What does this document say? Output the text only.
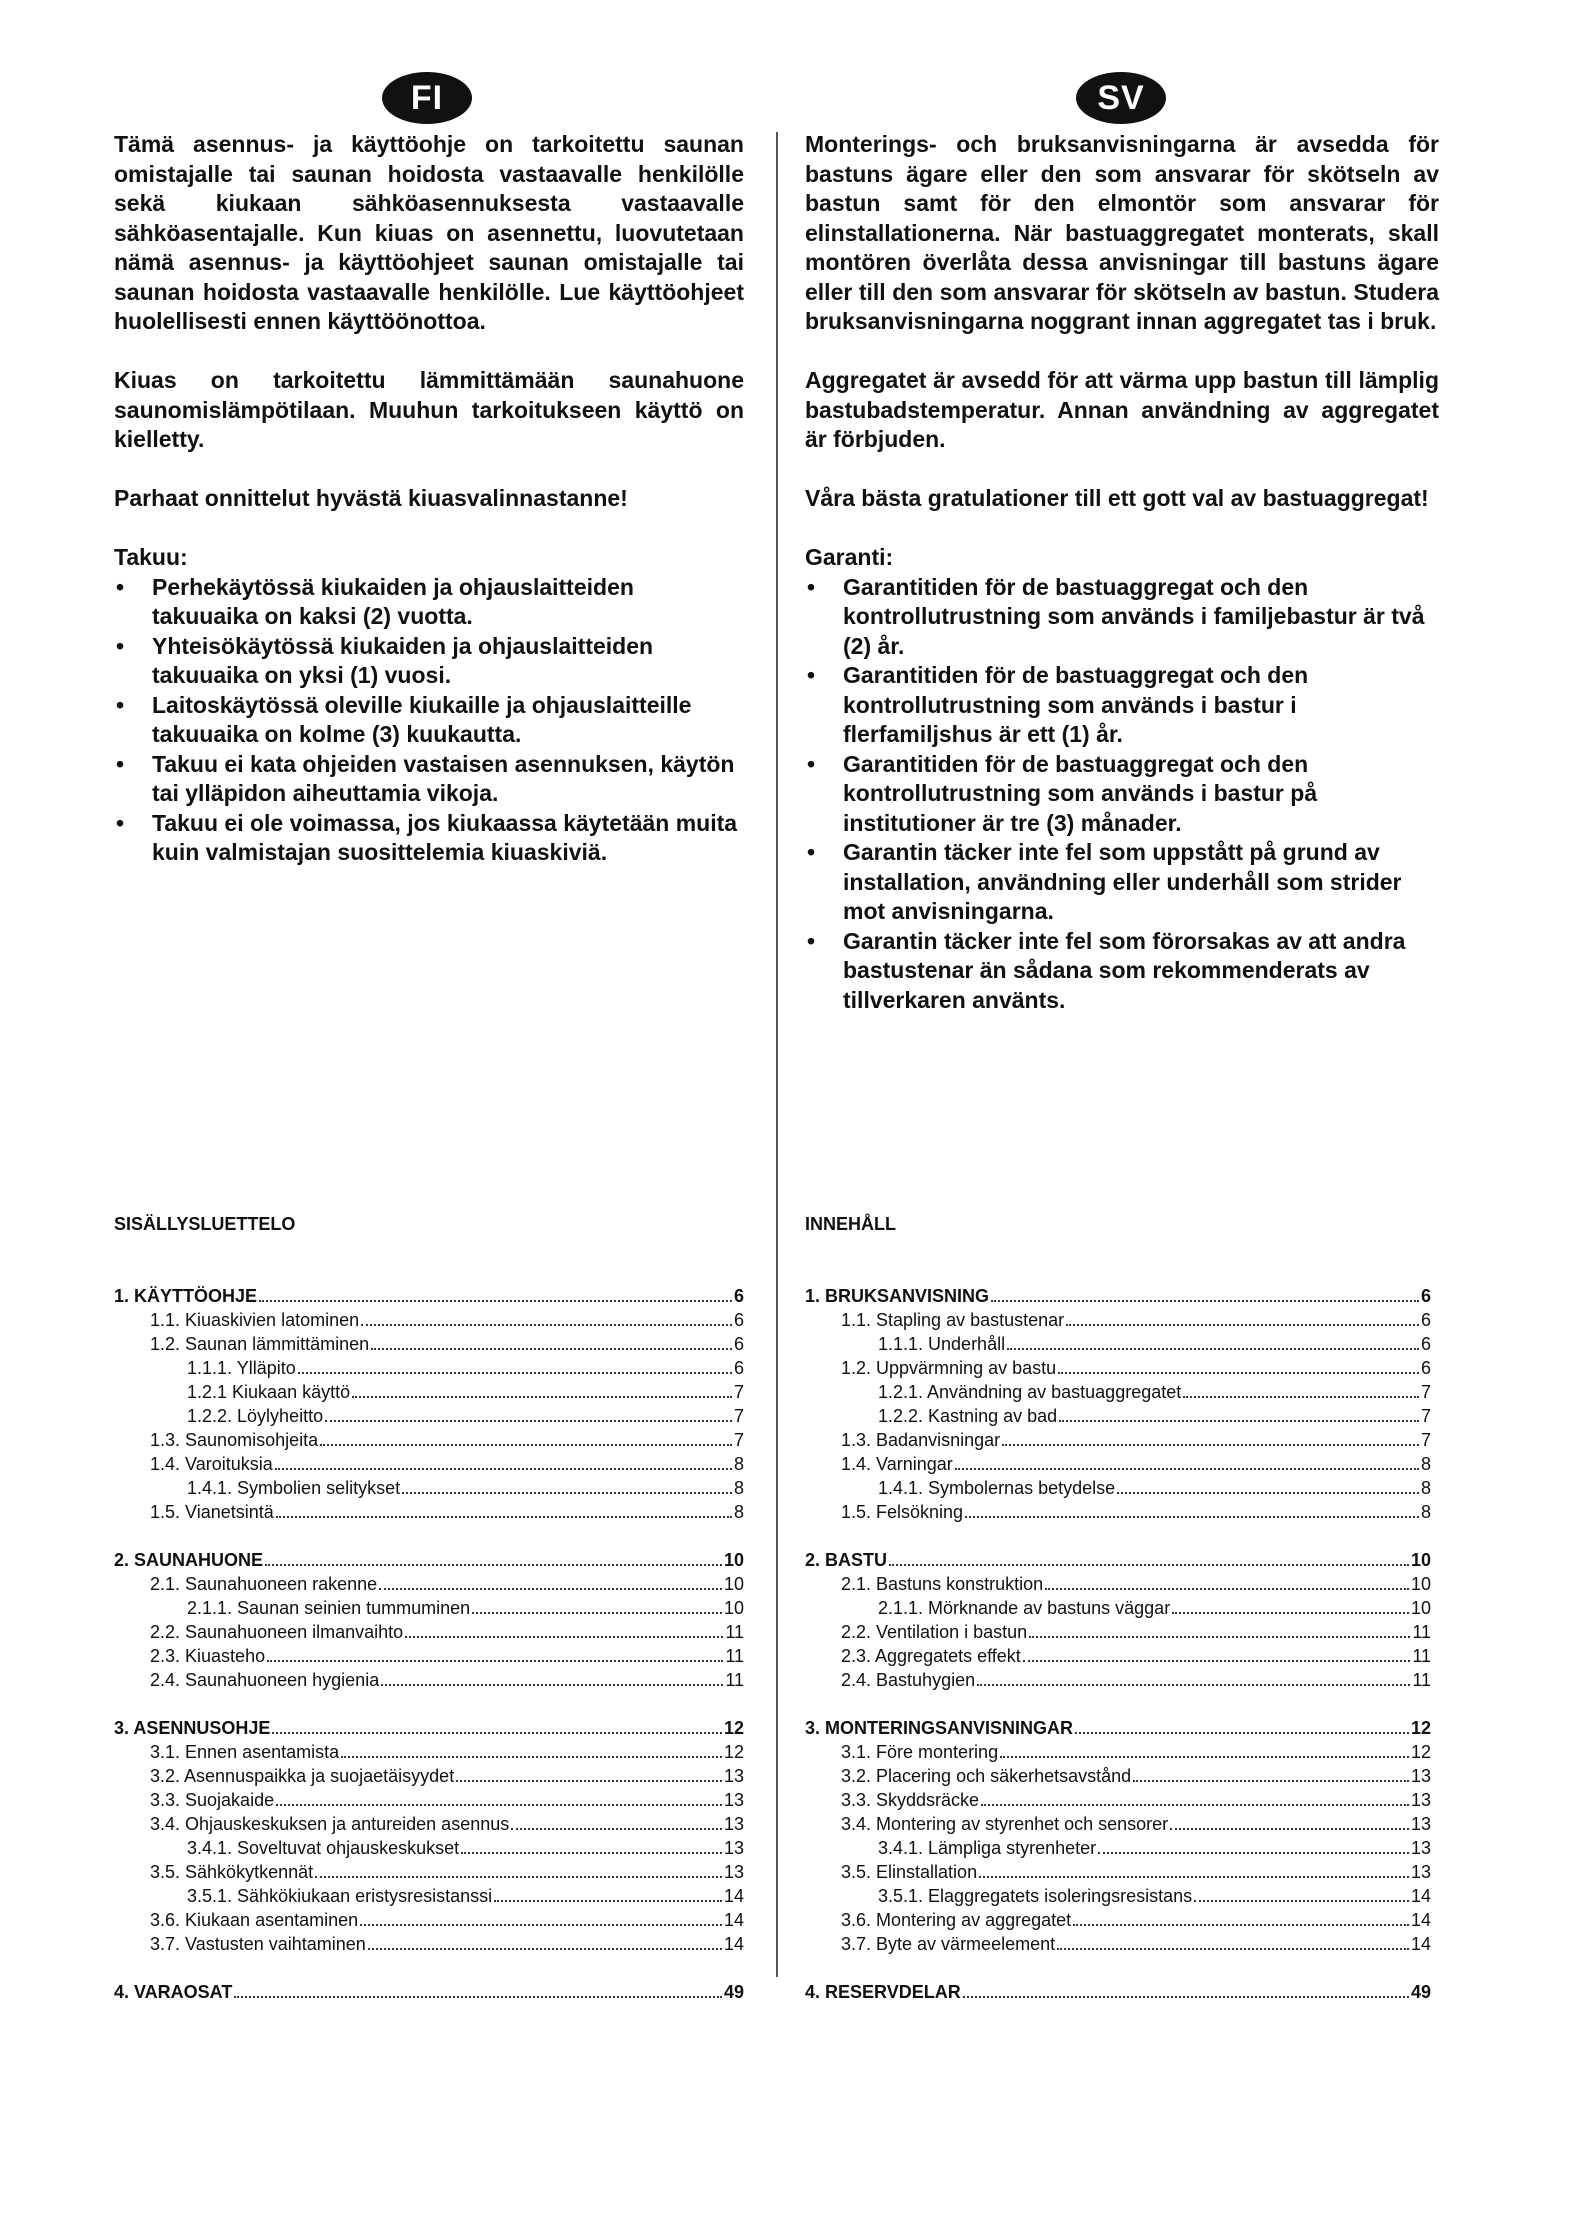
FI	SV

Tämä asennus- ja käyttöohje on tarkoitettu saunan omistajalle tai saunan hoidosta vastaavalle henkilölle sekä kiukaan sähköasennuksesta vastaavalle sähköasentajalle. Kun kiuas on asennettu, luovutetaan nämä asennus- ja käyttöohjeet saunan omistajalle tai saunan hoidosta vastaavalle henkilölle. Lue käyttöohjeet huolellisesti ennen käyttöönottoa.

Kiuas on tarkoitettu lämmittämään saunahuone saunomislämpötilaan. Muuhun tarkoitukseen käyttö on kielletty.

Parhaat onnittelut hyvästä kiuasvalinnastanne!

Takuu:

• Perhekäytössä kiukaiden ja ohjauslaitteiden takuuaika on kaksi (2) vuotta.
• Yhteisökäytössä kiukaiden ja ohjauslaitteiden takuuaika on yksi (1) vuosi.
• Laitoskäytössä oleville kiukaille ja ohjauslaitteille takuuaika on kolme (3) kuukautta.
• Takuu ei kata ohjeiden vastaisen asennuksen, käytön tai ylläpidon aiheuttamia vikoja.
• Takuu ei ole voimassa, jos kiukaassa käytetään muita kuin valmistajan suosittelemia kiuaskiviä.

Monterings- och bruksanvisningarna är avsedda för bastuns ägare eller den som ansvarar för skötseln av bastun samt för den elmontör som ansvarar för elinstallationerna. När bastuaggregatet monterats, skall montören överlåta dessa anvisningar till bastuns ägare eller till den som ansvarar för skötseln av bastun. Studera bruksanvisningarna noggrant innan aggregatet tas i bruk.

Aggregatet är avsedd för att värma upp bastun till lämplig bastubadstemperatur. Annan användning av aggregatet är förbjuden.

Våra bästa gratulationer till ett gott val av bastuaggregat!

Garanti:

• Garantitiden för de bastuaggregat och den kontrollutrustning som används i familjebastur är två (2) år.
• Garantitiden för de bastuaggregat och den kontrollutrustning som används i bastur i flerfamiljshus är ett (1) år.
• Garantitiden för de bastuaggregat och den kontrollutrustning som används i bastur på institutioner är tre (3) månader.
• Garantin täcker inte fel som uppstått på grund av installation, användning eller underhåll som strider mot anvisningarna.
• Garantin täcker inte fel som förorsakas av att andra bastustenar än sådana som rekommenderats av tillverkaren använts.
SISÄLLYSLUETTELO
1. KÄYTTÖOHJE	6
1.1. Kiuaskivien latominen	6
1.2. Saunan lämmittäminen	6
1.1.1. Ylläpito	6
1.2.1 Kiukaan käyttö	7
1.2.2. Löylyheitto	7
1.3. Saunomisohjeita	7
1.4. Varoituksia	8
1.4.1. Symbolien selitykset	8
1.5. Vianetsintä	8
2. SAUNAHUONE	10
2.1. Saunahuoneen rakenne	10
2.1.1. Saunan seinien tummuminen	10
2.2. Saunahuoneen ilmanvaihto	11
2.3. Kiuasteho	11
2.4. Saunahuoneen hygienia	11
3. ASENNUSOHJE	12
3.1. Ennen asentamista	12
3.2. Asennuspaikka ja suojaetäisyydet	13
3.3. Suojakaide	13
3.4. Ohjauskeskuksen ja antureiden asennus	13
3.4.1. Soveltuvat ohjauskeskukset	13
3.5. Sähkökytkennät	13
3.5.1. Sähkökiukaan eristysresistanssi	14
3.6. Kiukaan asentaminen	14
3.7. Vastusten vaihtaminen	14
4. VARAOSAT	49
INNEHÅLL
1. BRUKSANVISNING	6
1.1. Stapling av bastustenar	6
1.1.1. Underhåll	6
1.2. Uppvärmning av bastu	6
1.2.1. Användning av bastuaggregatet	7
1.2.2. Kastning av bad	7
1.3. Badanvisningar	7
1.4. Varningar	8
1.4.1. Symbolernas betydelse	8
1.5. Felsökning	8
2. BASTU	10
2.1. Bastuns konstruktion	10
2.1.1. Mörknande av bastuns väggar	10
2.2. Ventilation i bastun	11
2.3. Aggregatets effekt	11
2.4. Bastuhygien	11
3. MONTERINGSANVISNINGAR	12
3.1. Före montering	12
3.2. Placering och säkerhetsavstånd	13
3.3. Skyddsräcke	13
3.4. Montering av styrenhet och sensorer	13
3.4.1. Lämpliga styrenheter	13
3.5. Elinstallation	13
3.5.1. Elaggregatets isoleringsresistans	14
3.6. Montering av aggregatet	14
3.7. Byte av värmeelement	14
4. RESERVDELAR	49
